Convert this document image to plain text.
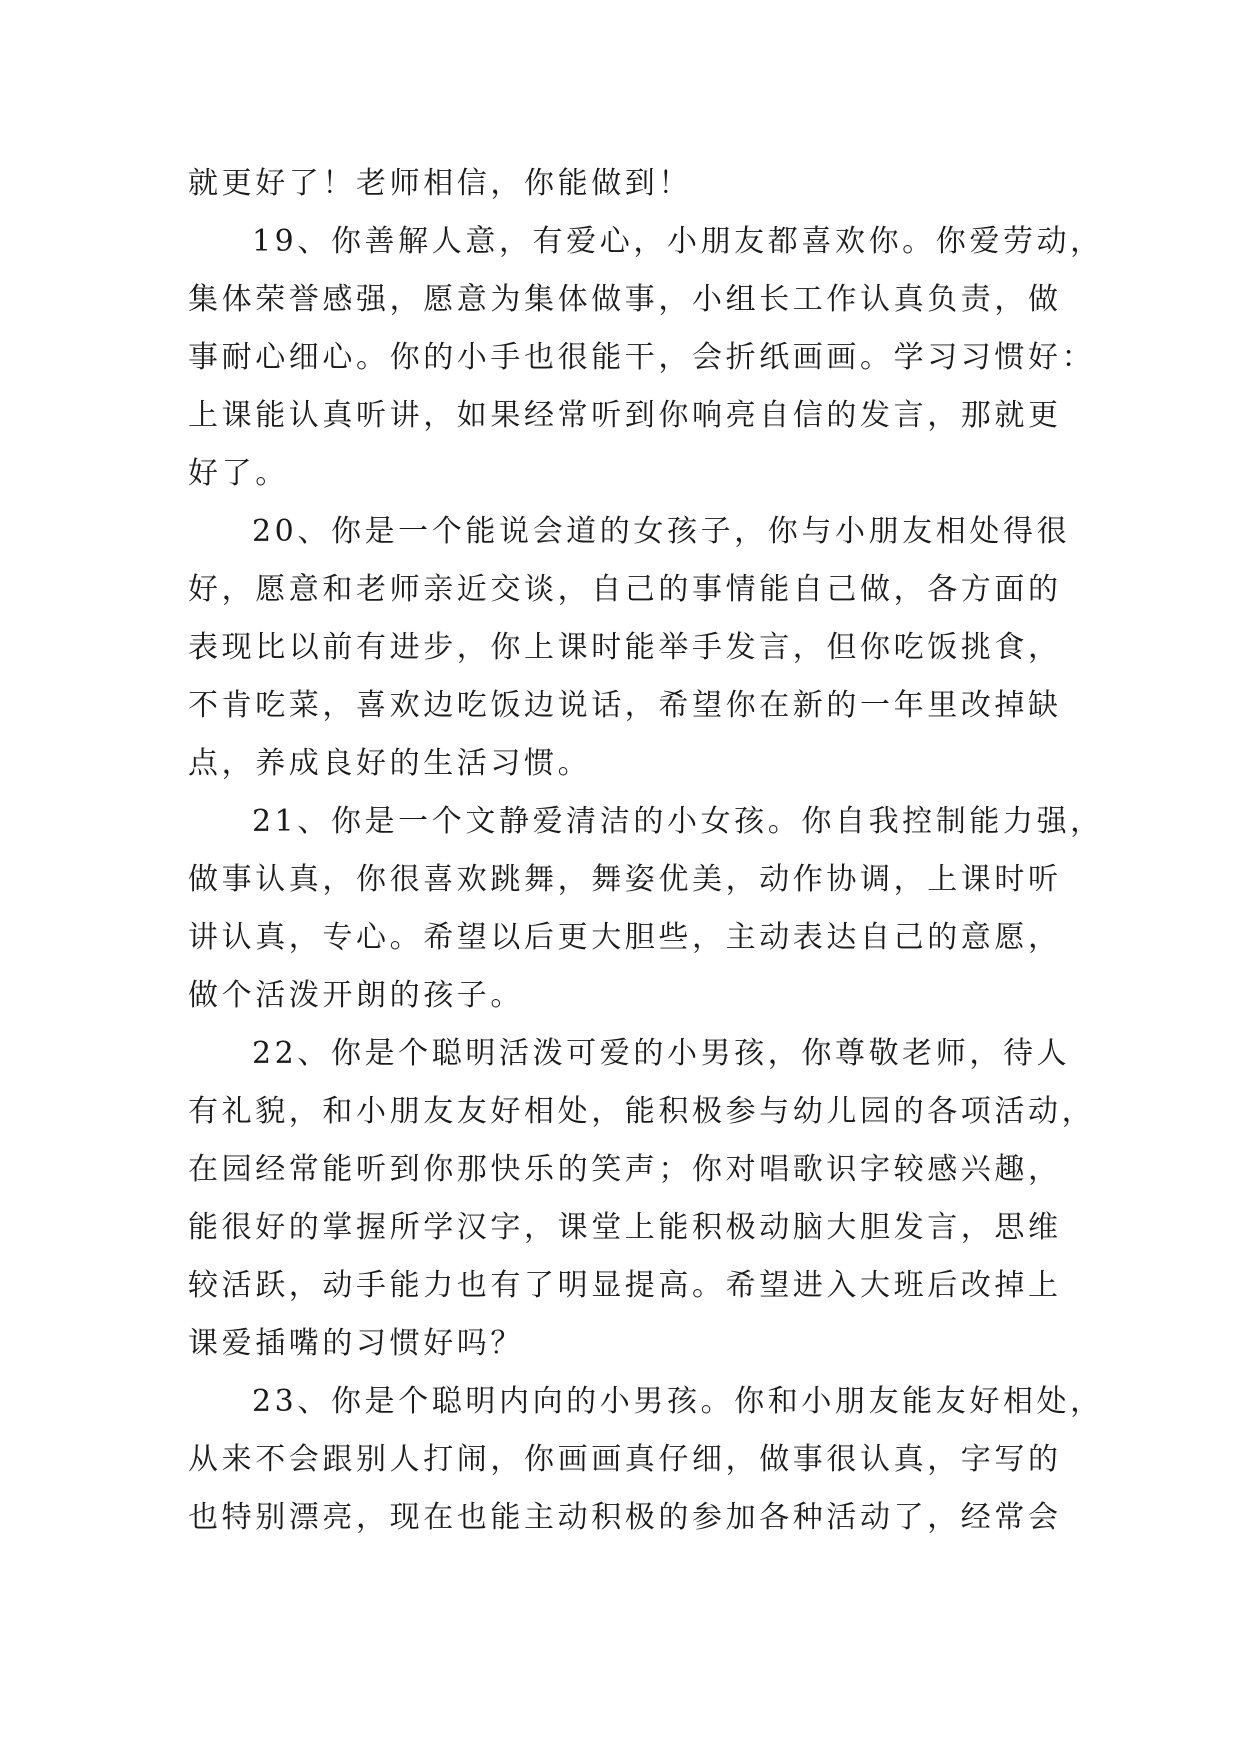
就更好了！老师相信，你能做到！
19、你善解人意，有爱心，小朋友都喜欢你。你爱劳动，
集体荣誉感强，愿意为集体做事，小组长工作认真负责，做
事耐心细心。你的小手也很能干，会折纸画画。学习习惯好：
上课能认真听讲，如果经常听到你响亮自信的发言，那就更
好了。
20、你是一个能说会道的女孩子，你与小朋友相处得很
好，愿意和老师亲近交谈，自己的事情能自己做，各方面的
表现比以前有进步，你上课时能举手发言，但你吃饭挑食，
不肯吃菜，喜欢边吃饭边说话，希望你在新的一年里改掉缺
点，养成良好的生活习惯。
21、你是一个文静爱清洁的小女孩。你自我控制能力强，
做事认真，你很喜欢跳舞，舞姿优美，动作协调，上课时听
讲认真，专心。希望以后更大胆些，主动表达自己的意愿，
做个活泼开朗的孩子。
22、你是个聪明活泼可爱的小男孩，你尊敬老师，待人
有礼貌，和小朋友友好相处，能积极参与幼儿园的各项活动，
在园经常能听到你那快乐的笑声；你对唱歌识字较感兴趣，
能很好的掌握所学汉字，课堂上能积极动脑大胆发言，思维
较活跃，动手能力也有了明显提高。希望进入大班后改掉上
课爱插嘴的习惯好吗？
23、你是个聪明内向的小男孩。你和小朋友能友好相处，
从来不会跟别人打闹，你画画真仔细，做事很认真，字写的
也特别漂亮，现在也能主动积极的参加各种活动了，经常会
